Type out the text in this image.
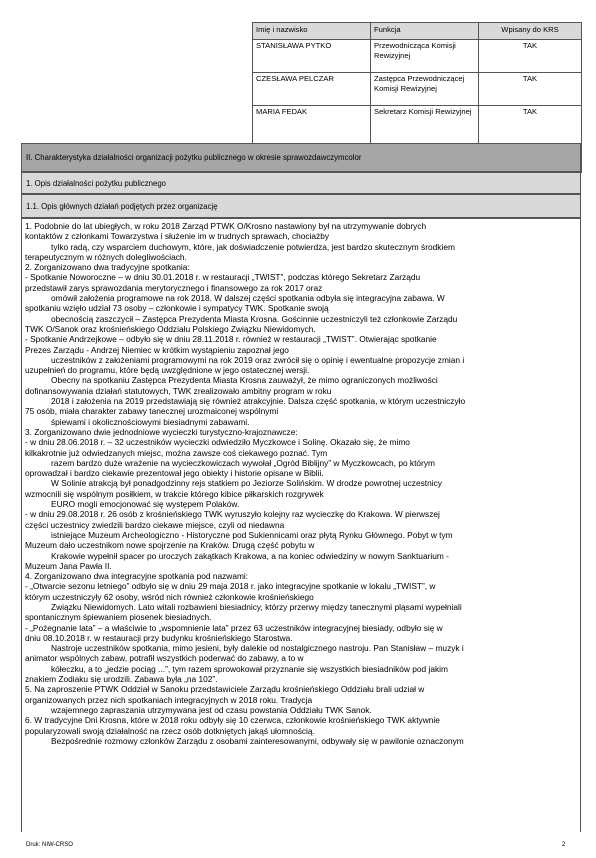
Imię i nazwisko	Funkcja	Wpisany do KRS
STANISŁAWA PYTKO	Przewodnicząca Komisji Rewizyjnej	TAK
CZESŁAWA PELCZAR	Zastępca Przewodniczącej Komisji Rewizyjnej	TAK
MARIA FEDAK	Sekretarz Komisji Rewizyjnej	TAK

II. Charakterystyka działalności organizacji pożytku publicznego w okresie sprawozdawczymcolor
1. Opis działalności pożytku publicznego
1.1. Opis głównych działań podjętych przez organizację

1. Podobnie do lat ubiegłych, w roku 2018 Zarząd PTWK O/Krosno nastawiony był na utrzymywanie dobrych

kontaktów z członkami Towarzystwa i służenie im w trudnych sprawach, chociażby

tylko radą, czy wsparciem duchowym, które, jak doświadczenie potwierdza, jest bardzo skutecznym środkiem

terapeutycznym w różnych dolegliwościach.

2. Zorganizowano dwa tradycyjne spotkania:

- Spotkanie Noworoczne – w dniu 30.01.2018 r. w restauracji „TWIST”, podczas którego Sekretarz Zarządu

przedstawił zarys sprawozdania merytorycznego i finansowego za rok 2017 oraz

omówił założenia programowe na rok 2018. W dalszej części spotkania odbyła się integracyjna zabawa. W

spotkaniu wzięło udział 73 osoby – członkowie i sympatycy TWK. Spotkanie swoją

obecnością zaszczycił – Zastępca Prezydenta Miasta Krosna. Gościnnie uczestniczyli też członkowie Zarządu

TWK O/Sanok oraz krośnieńskiego Oddziału Polskiego Związku Niewidomych.

- Spotkanie Andrzejkowe – odbyło się w dniu 28.11.2018 r. również w restauracji „TWIST”. Otwierając spotkanie

Prezes Zarządu - Andrzej Niemiec w krótkim wystąpieniu zapoznał jego

uczestników z założeniami programowymi na rok 2019 oraz zwrócił się o opinię i ewentualne propozycje zmian i

uzupełnień do programu, które będą uwzględnione w jego ostatecznej wersji.

Obecny na spotkaniu Zastępca Prezydenta Miasta Krosna zauważył, że mimo ograniczonych możliwości

dofinansowywania działań statutowych, TWK zrealizowało ambitny program w roku

2018 i założenia na 2019 przedstawiają się również atrakcyjnie. Dalsza część spotkania, w którym uczestniczyło

75 osób, miała charakter zabawy tanecznej urozmaiconej wspólnymi

śpiewami i okolicznościowymi biesiadnymi zabawami.

3. Zorganizowano dwie jednodniowe wycieczki turystyczno-krajoznawcze:

- w dniu 28.06.2018 r. – 32 uczestników wycieczki odwiedziło Myczkowce i Solinę. Okazało się, że mimo

kilkakrotnie już odwiedzanych miejsc, można zawsze coś ciekawego poznać. Tym

razem bardzo duże wrażenie na wycieczkowiczach wywołał „Ogród Biblijny” w Myczkowcach, po którym

oprowadzał i bardzo ciekawie prezentował jego obiekty i historie opisane w Biblii.

W Solinie atrakcją był ponadgodzinny rejs statkiem po Jeziorze Solińskim. W drodze powrotnej uczestnicy

wzmocnili się wspólnym posiłkiem, w trakcie którego kibice piłkarskich rozgrywek

EURO mogli emocjonować się występem Polaków.

- w dniu 29.08.2018 r. 26 osób z krośnieńskiego TWK wyruszyło kolejny raz wycieczkę do Krakowa. W pierwszej

części uczestnicy zwiedzili bardzo ciekawe miejsce, czyli od niedawna

istniejące Muzeum Archeologiczno - Historyczne pod Sukiennicami oraz płytą Rynku Głównego. Pobyt w tym

Muzeum dało uczestnikom nowe spojrzenie na Kraków. Drugą część pobytu w

Krakowie wypełnił spacer po uroczych zakątkach Krakowa, a na koniec odwiedziny w nowym Sanktuarium -

Muzeum Jana Pawła II.

4. Zorganizowano dwa integracyjne spotkania pod nazwami:

- „Otwarcie sezonu letniego” odbyło się w dniu 29 maja 2018 r. jako integracyjne spotkanie w lokalu „TWIST”, w

którym uczestniczyły 62 osoby, wśród nich również członkowie krośnieńskiego

Związku Niewidomych. Lato witali rozbawieni biesiadnicy, którzy przerwy między tanecznymi pląsami wypełniali

spontanicznym śpiewaniem piosenek biesiadnych.

- „Pożegnanie lata” – a właściwie to „wspomnienie lata” przez 63 uczestników integracyjnej biesiady, odbyło się w

dniu 08.10.2018 r. w restauracji przy budynku krośnieńskiego Starostwa.

Nastroje uczestników spotkania, mimo jesieni, były dalekie od nostalgicznego nastroju. Pan Stanisław – muzyk i

animator wspólnych zabaw, potrafił wszystkich poderwać do zabawy, a to w

kółeczku, a to „jedzie pociąg ...”, tym razem sprowokował przyznanie się wszystkich biesiadników pod jakim

znakiem Zodiaku się urodzili. Zabawa była „na 102”.

5. Na zaproszenie PTWK Oddział w Sanoku przedstawiciele Zarządu krośnieńskiego Oddziału brali udział w

organizowanych przez nich spotkaniach integracyjnych w 2018 roku. Tradycja

wzajemnego zapraszania utrzymywana jest od czasu powstania Oddziału TWK Sanok.

6. W tradycyjne Dni Krosna, które w 2018 roku odbyły się 10 czerwca, członkowie krośnieńskiego TWK aktywnie

popularyzowali swoją działalność na rzecz osób dotkniętych jakąś ułomnością.

Bezpośrednie rozmowy członków Zarządu z osobami zainteresowanymi, odbywały się w pawilonie oznaczonym

Druk: NIW-CRSO	2
